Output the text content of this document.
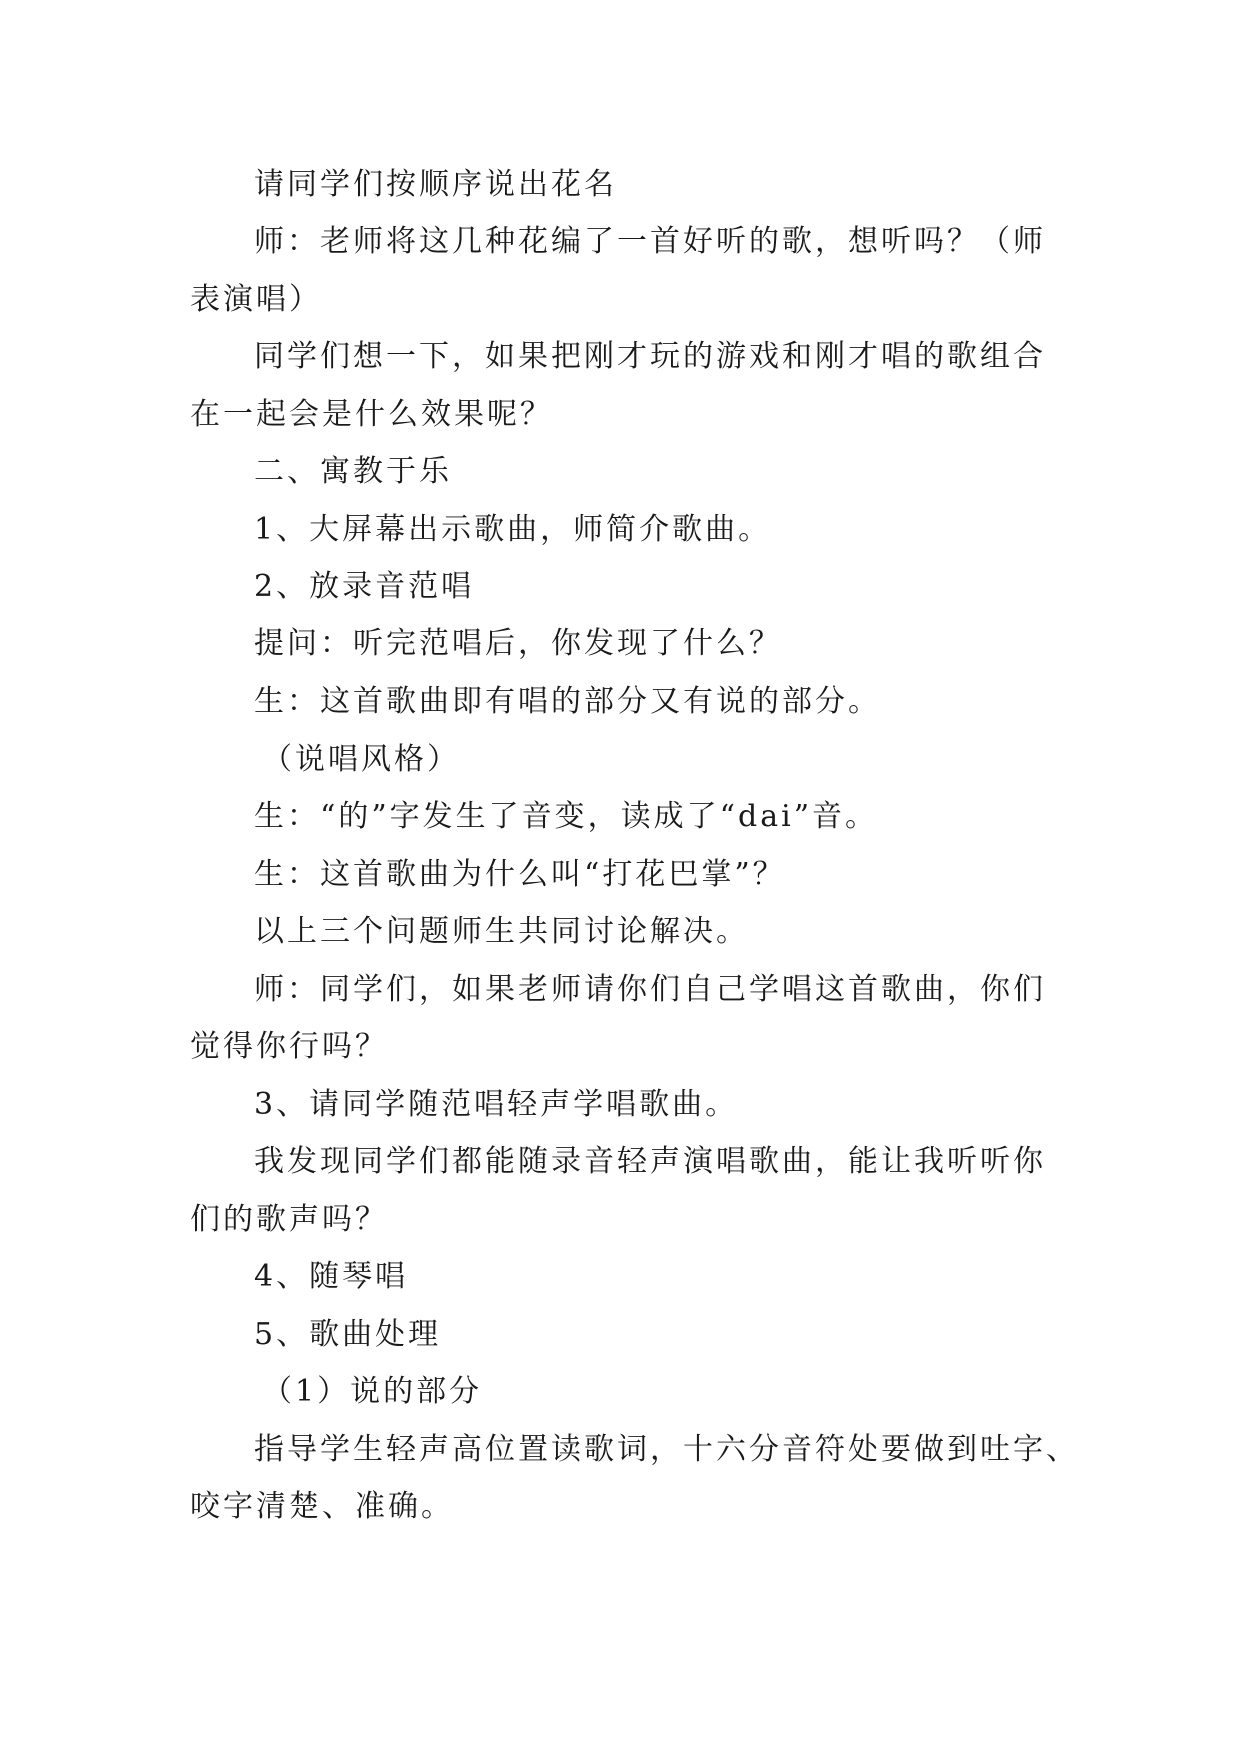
请同学们按顺序说出花名
师：老师将这几种花编了一首好听的歌，想听吗？（师
表演唱）
同学们想一下，如果把刚才玩的游戏和刚才唱的歌组合
在一起会是什么效果呢？
二、寓教于乐
1、大屏幕出示歌曲，师简介歌曲。
2、放录音范唱
提问：听完范唱后，你发现了什么？
生：这首歌曲即有唱的部分又有说的部分。
（说唱风格）
生：“的”字发生了音变，读成了“dai”音。
生：这首歌曲为什么叫“打花巴掌”？
以上三个问题师生共同讨论解决。
师：同学们，如果老师请你们自己学唱这首歌曲，你们
觉得你行吗？
3、请同学随范唱轻声学唱歌曲。
我发现同学们都能随录音轻声演唱歌曲，能让我听听你
们的歌声吗？
4、随琴唱
5、歌曲处理
（1）说的部分
指导学生轻声高位置读歌词，十六分音符处要做到吐字、
咬字清楚、准确。
